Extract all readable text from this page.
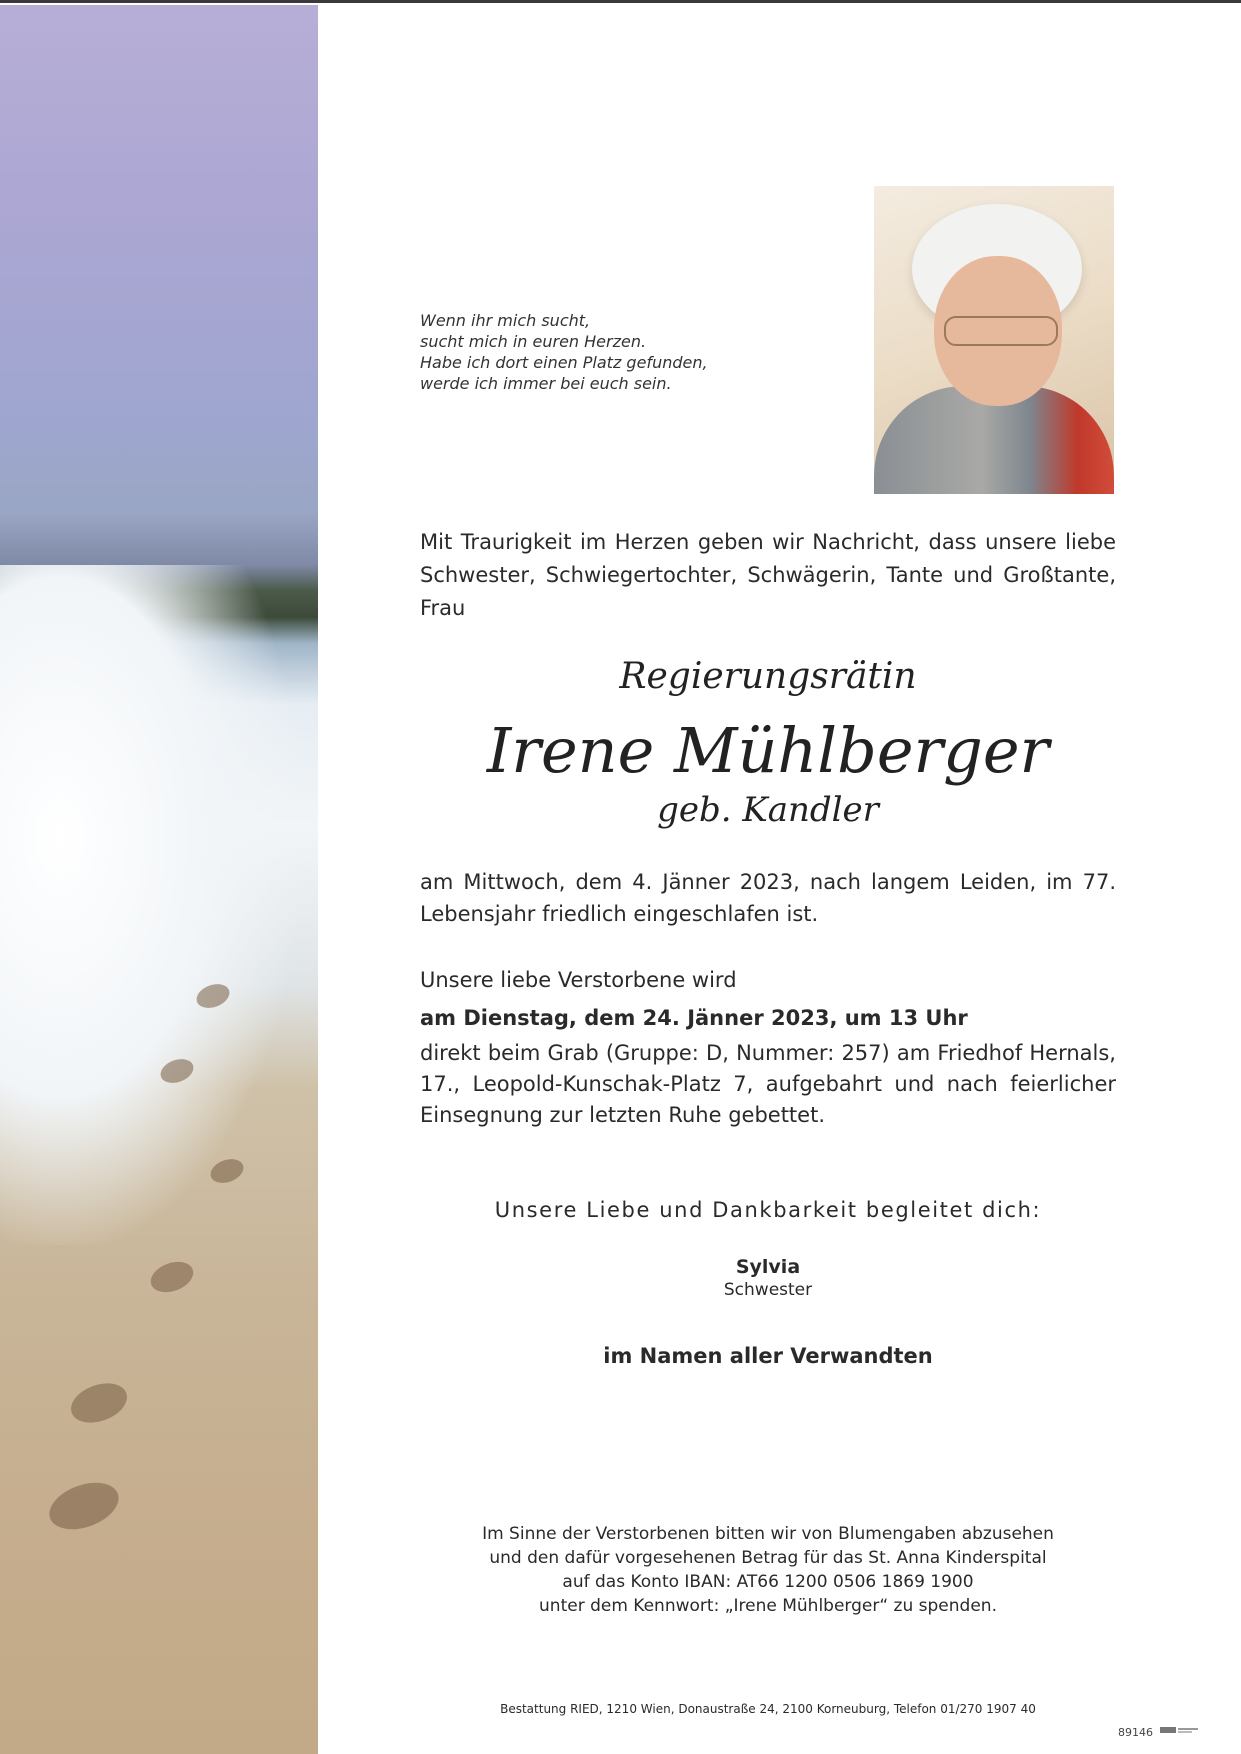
Wenn ihr mich sucht,
sucht mich in euren Herzen.
Habe ich dort einen Platz gefunden,
werde ich immer bei euch sein.
Mit Traurigkeit im Herzen geben wir Nachricht, dass unsere liebe Schwester, Schwiegertochter, Schwägerin, Tante und Großtante, Frau
Regierungsrätin
Irene Mühlberger
geb. Kandler
am Mittwoch, dem 4. Jänner 2023, nach langem Leiden, im 77. Lebensjahr friedlich eingeschlafen ist.
Unsere liebe Verstorbene wird
am Dienstag, dem 24. Jänner 2023, um 13 Uhr
direkt beim Grab (Gruppe: D, Nummer: 257) am Friedhof Hernals, 17., Leopold-Kunschak-Platz 7, aufgebahrt und nach feierlicher Einsegnung zur letzten Ruhe gebettet.
Unsere Liebe und Dankbarkeit begleitet dich:
Sylvia
Schwester
im Namen aller Verwandten
Im Sinne der Verstorbenen bitten wir von Blumengaben abzusehen
und den dafür vorgesehenen Betrag für das St. Anna Kinderspital
auf das Konto IBAN: AT66 1200 0506 1869 1900
unter dem Kennwort: „Irene Mühlberger“ zu spenden.
Bestattung RIED, 1210 Wien, Donaustraße 24, 2100 Korneuburg, Telefon 01/270 1907 40
89146
